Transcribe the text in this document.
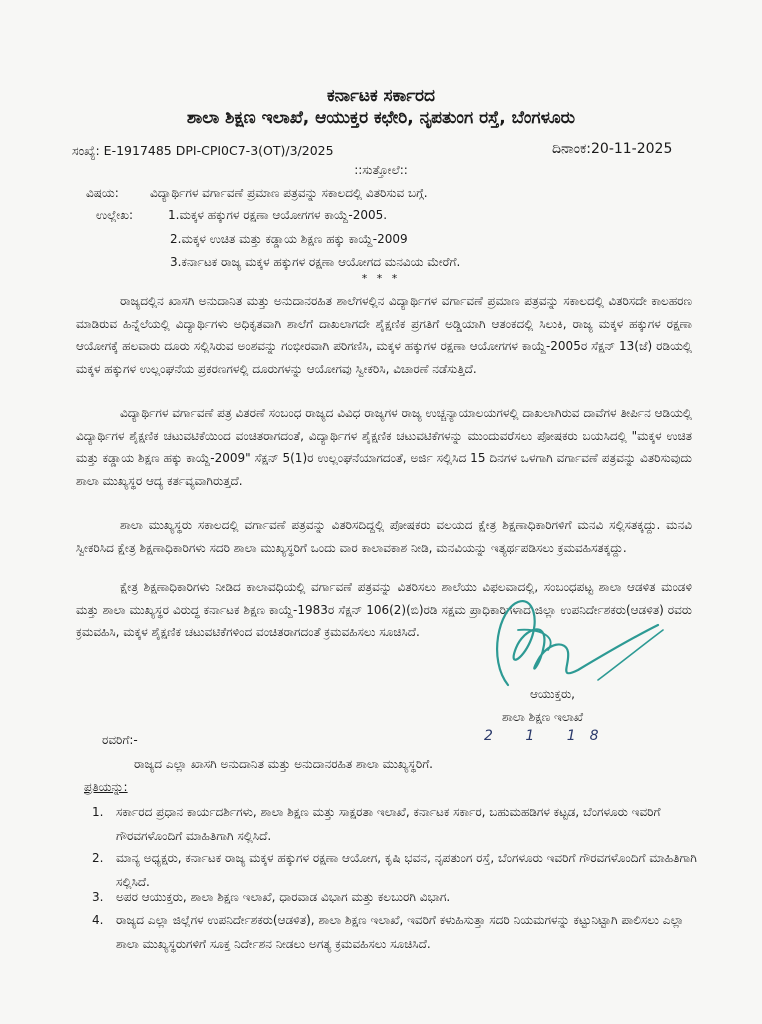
ಕರ್ನಾಟಕ ಸರ್ಕಾರದ
ಶಾಲಾ ಶಿಕ್ಷಣ ಇಲಾಖೆ, ಆಯುಕ್ತರ ಕಛೇರಿ, ನೃಪತುಂಗ ರಸ್ತೆ, ಬೆಂಗಳೂರು
ಸಂಖ್ಯೆ: E-1917485 DPI-CPI0C7-3(OT)/3/2025	ದಿನಾಂಕ:20-11-2025
::ಸುತ್ತೋಲೆ::
ವಿಷಯ:	ವಿದ್ಯಾರ್ಥಿಗಳ ವರ್ಗಾವಣೆ ಪ್ರಮಾಣ ಪತ್ರವನ್ನು ಸಕಾಲದಲ್ಲಿ ವಿತರಿಸುವ ಬಗ್ಗೆ.
ಉಲ್ಲೇಖ:	1.ಮಕ್ಕಳ ಹಕ್ಕುಗಳ ರಕ್ಷಣಾ ಆಯೋಗಗಳ ಕಾಯ್ದೆ-2005.
2.ಮಕ್ಕಳ ಉಚಿತ ಮತ್ತು ಕಡ್ಡಾಯ ಶಿಕ್ಷಣ ಹಕ್ಕು ಕಾಯ್ದೆ-2009
3.ಕರ್ನಾಟಕ ರಾಜ್ಯ ಮಕ್ಕಳ ಹಕ್ಕುಗಳ ರಕ್ಷಣಾ ಆಯೋಗದ ಮನವಿಯ ಮೇರೆಗೆ.
* * *
ರಾಜ್ಯದಲ್ಲಿನ ಖಾಸಗಿ ಅನುದಾನಿತ ಮತ್ತು ಅನುದಾನರಹಿತ ಶಾಲೆಗಳಲ್ಲಿನ ವಿದ್ಯಾರ್ಥಿಗಳ ವರ್ಗಾವಣೆ ಪ್ರಮಾಣ ಪತ್ರವನ್ನು ಸಕಾಲದಲ್ಲಿ ವಿತರಿಸದೇ ಕಾಲಹರಣ ಮಾಡಿರುವ ಹಿನ್ನೆಲೆಯಲ್ಲಿ ವಿದ್ಯಾರ್ಥಿಗಳು ಅಧಿಕೃತವಾಗಿ ಶಾಲೆಗೆ ದಾಖಲಾಗದೇ ಶೈಕ್ಷಣಿಕ ಪ್ರಗತಿಗೆ ಅಡ್ಡಿಯಾಗಿ ಆತಂಕದಲ್ಲಿ ಸಿಲುಕಿ, ರಾಜ್ಯ ಮಕ್ಕಳ ಹಕ್ಕುಗಳ ರಕ್ಷಣಾ ಆಯೋಗಕ್ಕೆ ಹಲವಾರು ದೂರು ಸಲ್ಲಿಸಿರುವ ಅಂಶವನ್ನು ಗಂಭೀರವಾಗಿ ಪರಿಗಣಿಸಿ, ಮಕ್ಕಳ ಹಕ್ಕುಗಳ ರಕ್ಷಣಾ ಆಯೋಗಗಳ ಕಾಯ್ದೆ-2005ರ ಸೆಕ್ಷನ್ 13(ಜೆ) ರಡಿಯಲ್ಲಿ ಮಕ್ಕಳ ಹಕ್ಕುಗಳ ಉಲ್ಲಂಘನೆಯ ಪ್ರಕರಣಗಳಲ್ಲಿ ದೂರುಗಳನ್ನು ಆಯೋಗವು ಸ್ವೀಕರಿಸಿ, ವಿಚಾರಣೆ ನಡೆಸುತ್ತಿದೆ.
ವಿದ್ಯಾರ್ಥಿಗಳ ವರ್ಗಾವಣೆ ಪತ್ರ ವಿತರಣೆ ಸಂಬಂಧ ರಾಜ್ಯದ ವಿವಿಧ ರಾಜ್ಯಗಳ ರಾಜ್ಯ ಉಚ್ಚನ್ಯಾಯಾಲಯಗಳಲ್ಲಿ ದಾಖಲಾಗಿರುವ ದಾವೆಗಳ ತೀರ್ಪಿನ ಆಡಿಯಲ್ಲಿ ವಿದ್ಯಾರ್ಥಿಗಳ ಶೈಕ್ಷಣಿಕ ಚಟುವಟಿಕೆಯಿಂದ ವಂಚಿತರಾಗದಂತೆ, ವಿದ್ಯಾರ್ಥಿಗಳ ಶೈಕ್ಷಣಿಕ ಚಟುವಟಿಕೆಗಳನ್ನು ಮುಂದುವರೆಸಲು ಪೋಷಕರು ಬಯಸಿದಲ್ಲಿ "ಮಕ್ಕಳ ಉಚಿತ ಮತ್ತು ಕಡ್ಡಾಯ ಶಿಕ್ಷಣ ಹಕ್ಕು ಕಾಯ್ದೆ-2009" ಸೆಕ್ಷನ್ 5(1)ರ ಉಲ್ಲಂಘನೆಯಾಗದಂತೆ, ಅರ್ಜಿ ಸಲ್ಲಿಸಿದ 15 ದಿನಗಳ ಒಳಗಾಗಿ ವರ್ಗಾವಣೆ ಪತ್ರವನ್ನು ವಿತರಿಸುವುದು ಶಾಲಾ ಮುಖ್ಯಸ್ಥರ ಆದ್ಯ ಕರ್ತವ್ಯವಾಗಿರುತ್ತದೆ.
ಶಾಲಾ ಮುಖ್ಯಸ್ಥರು ಸಕಾಲದಲ್ಲಿ ವರ್ಗಾವಣೆ ಪತ್ರವನ್ನು ವಿತರಿಸದಿದ್ದಲ್ಲಿ ಪೋಷಕರು ವಲಯದ ಕ್ಷೇತ್ರ ಶಿಕ್ಷಣಾಧಿಕಾರಿಗಳಿಗೆ ಮನವಿ ಸಲ್ಲಿಸತಕ್ಕದ್ದು. ಮನವಿ ಸ್ವೀಕರಿಸಿದ ಕ್ಷೇತ್ರ ಶಿಕ್ಷಣಾಧಿಕಾರಿಗಳು ಸದರಿ ಶಾಲಾ ಮುಖ್ಯಸ್ಥರಿಗೆ ಒಂದು ವಾರ ಕಾಲಾವಕಾಶ ನೀಡಿ, ಮನವಿಯನ್ನು ಇತ್ಯರ್ಥಪಡಿಸಲು ಕ್ರಮವಹಿಸತಕ್ಕದ್ದು.
ಕ್ಷೇತ್ರ ಶಿಕ್ಷಣಾಧಿಕಾರಿಗಳು ನೀಡಿದ ಕಾಲಾವಧಿಯಲ್ಲಿ ವರ್ಗಾವಣೆ ಪತ್ರವನ್ನು ವಿತರಿಸಲು ಶಾಲೆಯು ವಿಫಲವಾದಲ್ಲಿ, ಸಂಬಂಧಪಟ್ಟ ಶಾಲಾ ಆಡಳಿತ ಮಂಡಳಿ ಮತ್ತು ಶಾಲಾ ಮುಖ್ಯಸ್ಥರ ವಿರುದ್ಧ ಕರ್ನಾಟಕ ಶಿಕ್ಷಣ ಕಾಯ್ದೆ-1983ರ ಸೆಕ್ಷನ್ 106(2)(ಬಿ)ರಡಿ ಸಕ್ಷಮ ಪ್ರಾಧಿಕಾರಿಗಳಾದ ಜಿಲ್ಲಾ ಉಪನಿರ್ದೇಶಕರು(ಆಡಳಿತ) ರವರು ಕ್ರಮವಹಿಸಿ, ಮಕ್ಕಳ ಶೈಕ್ಷಣಿಕ ಚಟುವಟಿಕೆಗಳಿಂದ ವಂಚಿತರಾಗದಂತೆ ಕ್ರಮವಹಿಸಲು ಸೂಚಿಸಿದೆ.
ಆಯುಕ್ತರು,
ಶಾಲಾ ಶಿಕ್ಷಣ ಇಲಾಖೆ
2 1 18
ರವರಿಗೆ:-
ರಾಜ್ಯದ ಎಲ್ಲಾ ಖಾಸಗಿ ಅನುದಾನಿತ ಮತ್ತು ಅನುದಾನರಹಿತ ಶಾಲಾ ಮುಖ್ಯಸ್ಥರಿಗೆ.
ಪ್ರತಿಯನ್ನು:
1. ಸರ್ಕಾರದ ಪ್ರಧಾನ ಕಾರ್ಯದರ್ಶಿಗಳು, ಶಾಲಾ ಶಿಕ್ಷಣ ಮತ್ತು ಸಾಕ್ಷರತಾ ಇಲಾಖೆ, ಕರ್ನಾಟಕ ಸರ್ಕಾರ, ಬಹುಮಹಡಿಗಳ ಕಟ್ಟಡ, ಬೆಂಗಳೂರು ಇವರಿಗೆ ಗೌರವಗಳೊಂದಿಗೆ ಮಾಹಿತಿಗಾಗಿ ಸಲ್ಲಿಸಿದೆ.
2. ಮಾನ್ಯ ಅಧ್ಯಕ್ಷರು, ಕರ್ನಾಟಕ ರಾಜ್ಯ ಮಕ್ಕಳ ಹಕ್ಕುಗಳ ರಕ್ಷಣಾ ಆಯೋಗ, ಕೃಷಿ ಭವನ, ನೃಪತುಂಗ ರಸ್ತೆ, ಬೆಂಗಳೂರು ಇವರಿಗೆ ಗೌರವಗಳೊಂದಿಗೆ ಮಾಹಿತಿಗಾಗಿ ಸಲ್ಲಿಸಿದೆ.
3. ಅಪರ ಆಯುಕ್ತರು, ಶಾಲಾ ಶಿಕ್ಷಣ ಇಲಾಖೆ, ಧಾರವಾಡ ವಿಭಾಗ ಮತ್ತು ಕಲಬುರಗಿ ವಿಭಾಗ.
4. ರಾಜ್ಯದ ಎಲ್ಲಾ ಜಿಲ್ಲೆಗಳ ಉಪನಿರ್ದೇಶಕರು(ಆಡಳಿತ), ಶಾಲಾ ಶಿಕ್ಷಣ ಇಲಾಖೆ, ಇವರಿಗೆ ಕಳುಹಿಸುತ್ತಾ ಸದರಿ ನಿಯಮಗಳನ್ನು ಕಟ್ಟುನಿಟ್ಟಾಗಿ ಪಾಲಿಸಲು ಎಲ್ಲಾ ಶಾಲಾ ಮುಖ್ಯಸ್ಥರುಗಳಿಗೆ ಸೂಕ್ತ ನಿರ್ದೇಶನ ನೀಡಲು ಅಗತ್ಯ ಕ್ರಮವಹಿಸಲು ಸೂಚಿಸಿದೆ.
